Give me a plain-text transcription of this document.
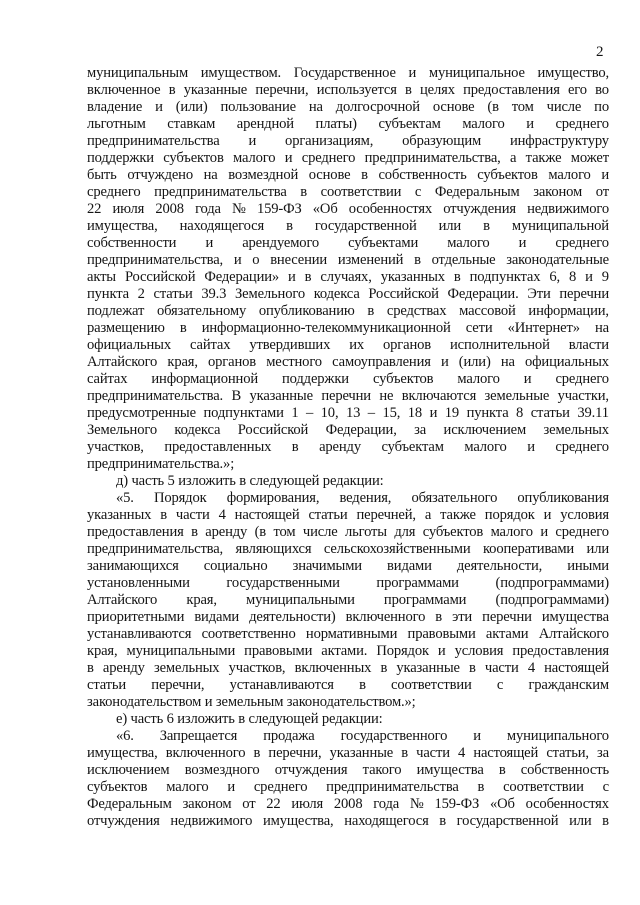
2
муниципальным имуществом. Государственное и муниципальное имущество,
включенное в указанные перечни, используется в целях предоставления его во
владение и (или) пользование на долгосрочной основе (в том числе по
льготным ставкам арендной платы) субъектам малого и среднего
предпринимательства и организациям, образующим инфраструктуру
поддержки субъектов малого и среднего предпринимательства, а также может
быть отчуждено на возмездной основе в собственность субъектов малого и
среднего предпринимательства в соответствии с Федеральным законом от
22 июля 2008 года № 159-ФЗ «Об особенностях отчуждения недвижимого
имущества, находящегося в государственной или в муниципальной
собственности и арендуемого субъектами малого и среднего
предпринимательства, и о внесении изменений в отдельные законодательные
акты Российской Федерации» и в случаях, указанных в подпунктах 6, 8 и 9
пункта 2 статьи 39.3 Земельного кодекса Российской Федерации. Эти перечни
подлежат обязательному опубликованию в средствах массовой информации,
размещению в информационно-телекоммуникационной сети «Интернет» на
официальных сайтах утвердивших их органов исполнительной власти
Алтайского края, органов местного самоуправления и (или) на официальных
сайтах информационной поддержки субъектов малого и среднего
предпринимательства. В указанные перечни не включаются земельные участки,
предусмотренные подпунктами 1 – 10, 13 – 15, 18 и 19 пункта 8 статьи 39.11
Земельного кодекса Российской Федерации, за исключением земельных
участков, предоставленных в аренду субъектам малого и среднего
предпринимательства.»;
д) часть 5 изложить в следующей редакции:
«5. Порядок формирования, ведения, обязательного опубликования
указанных в части 4 настоящей статьи перечней, а также порядок и условия
предоставления в аренду (в том числе льготы для субъектов малого и среднего
предпринимательства, являющихся сельскохозяйственными кооперативами или
занимающихся социально значимыми видами деятельности, иными
установленными	государственными	программами	(подпрограммами)
Алтайского края, муниципальными программами (подпрограммами)
приоритетными видами деятельности) включенного в эти перечни имущества
устанавливаются соответственно нормативными правовыми актами Алтайского
края, муниципальными правовыми актами. Порядок и условия предоставления
в аренду земельных участков, включенных в указанные в части 4 настоящей
статьи перечни, устанавливаются в соответствии с гражданским
законодательством и земельным законодательством.»;
е) часть 6 изложить в следующей редакции:
«6. Запрещается продажа государственного и муниципального
имущества, включенного в перечни, указанные в части 4 настоящей статьи, за
исключением возмездного отчуждения такого имущества в собственность
субъектов малого и среднего предпринимательства в соответствии с
Федеральным законом от 22 июля 2008 года № 159-ФЗ «Об особенностях
отчуждения недвижимого имущества, находящегося в государственной или в
